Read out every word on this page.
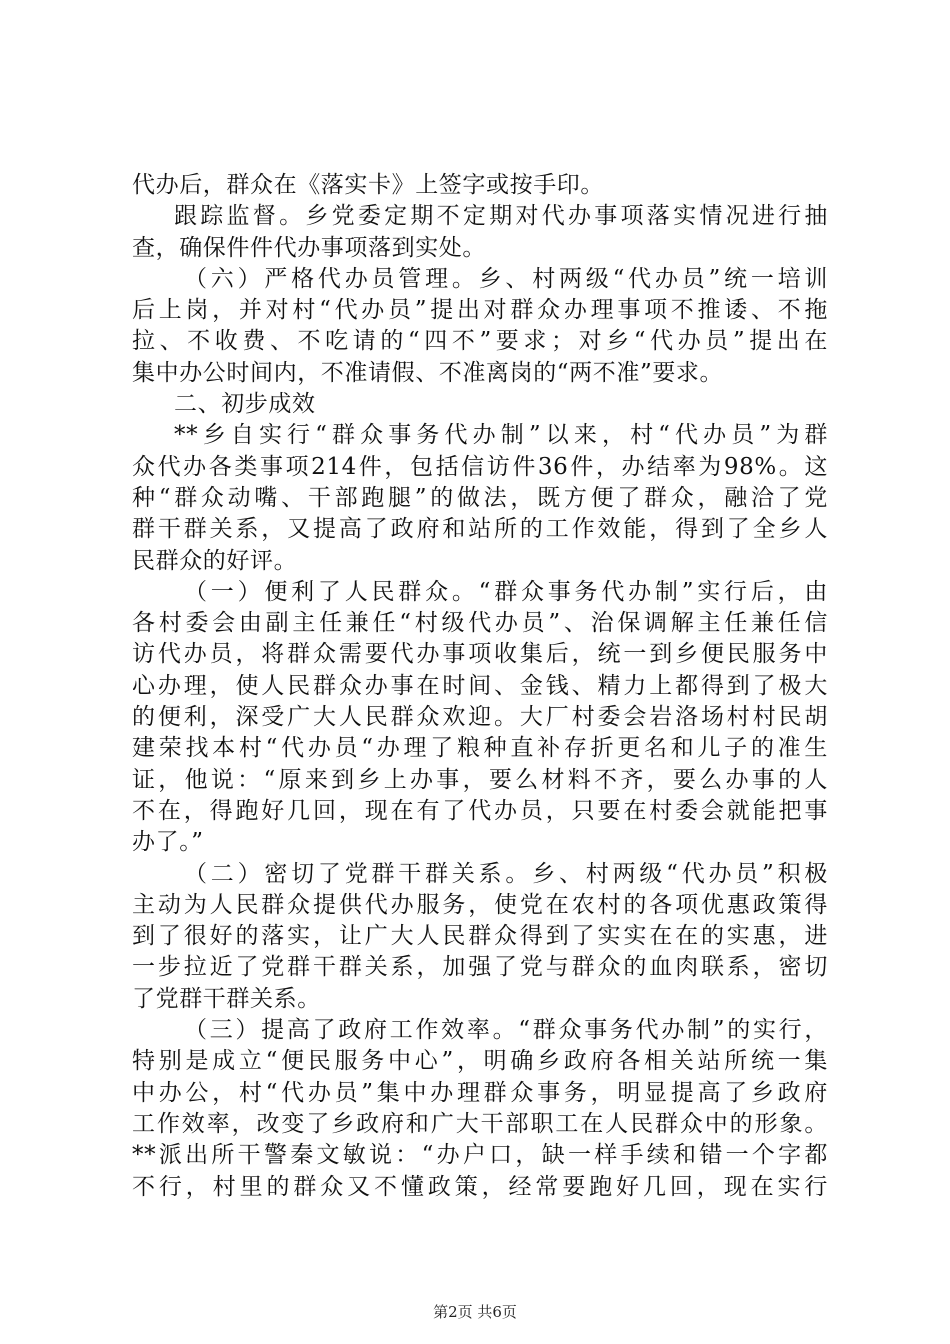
代办后，群众在《落实卡》上签字或按手印。
跟踪监督。乡党委定期不定期对代办事项落实情况进行抽
查，确保件件代办事项落到实处。
（六）严格代办员管理。乡、村两级“代办员”统一培训
后上岗，并对村“代办员”提出对群众办理事项不推诿、不拖
拉、不收费、不吃请的“四不”要求；对乡“代办员”提出在
集中办公时间内，不准请假、不准离岗的“两不准”要求。
二、初步成效
**乡自实行“群众事务代办制”以来，村“代办员”为群
众代办各类事项214件，包括信访件36件，办结率为98%。这
种“群众动嘴、干部跑腿”的做法，既方便了群众，融洽了党
群干群关系，又提高了政府和站所的工作效能，得到了全乡人
民群众的好评。
（一）便利了人民群众。“群众事务代办制”实行后，由
各村委会由副主任兼任“村级代办员”、治保调解主任兼任信
访代办员，将群众需要代办事项收集后，统一到乡便民服务中
心办理，使人民群众办事在时间、金钱、精力上都得到了极大
的便利，深受广大人民群众欢迎。大厂村委会岩洛场村村民胡
建荣找本村“代办员“办理了粮种直补存折更名和儿子的准生
证，他说：“原来到乡上办事，要么材料不齐，要么办事的人
不在，得跑好几回，现在有了代办员，只要在村委会就能把事
办了。”
（二）密切了党群干群关系。乡、村两级“代办员”积极
主动为人民群众提供代办服务，使党在农村的各项优惠政策得
到了很好的落实，让广大人民群众得到了实实在在的实惠，进
一步拉近了党群干群关系，加强了党与群众的血肉联系，密切
了党群干群关系。
（三）提高了政府工作效率。“群众事务代办制”的实行，
特别是成立“便民服务中心”，明确乡政府各相关站所统一集
中办公，村“代办员”集中办理群众事务，明显提高了乡政府
工作效率，改变了乡政府和广大干部职工在人民群众中的形象。
**派出所干警秦文敏说：“办户口，缺一样手续和错一个字都
不行，村里的群众又不懂政策，经常要跑好几回，现在实行
第2页 共6页
